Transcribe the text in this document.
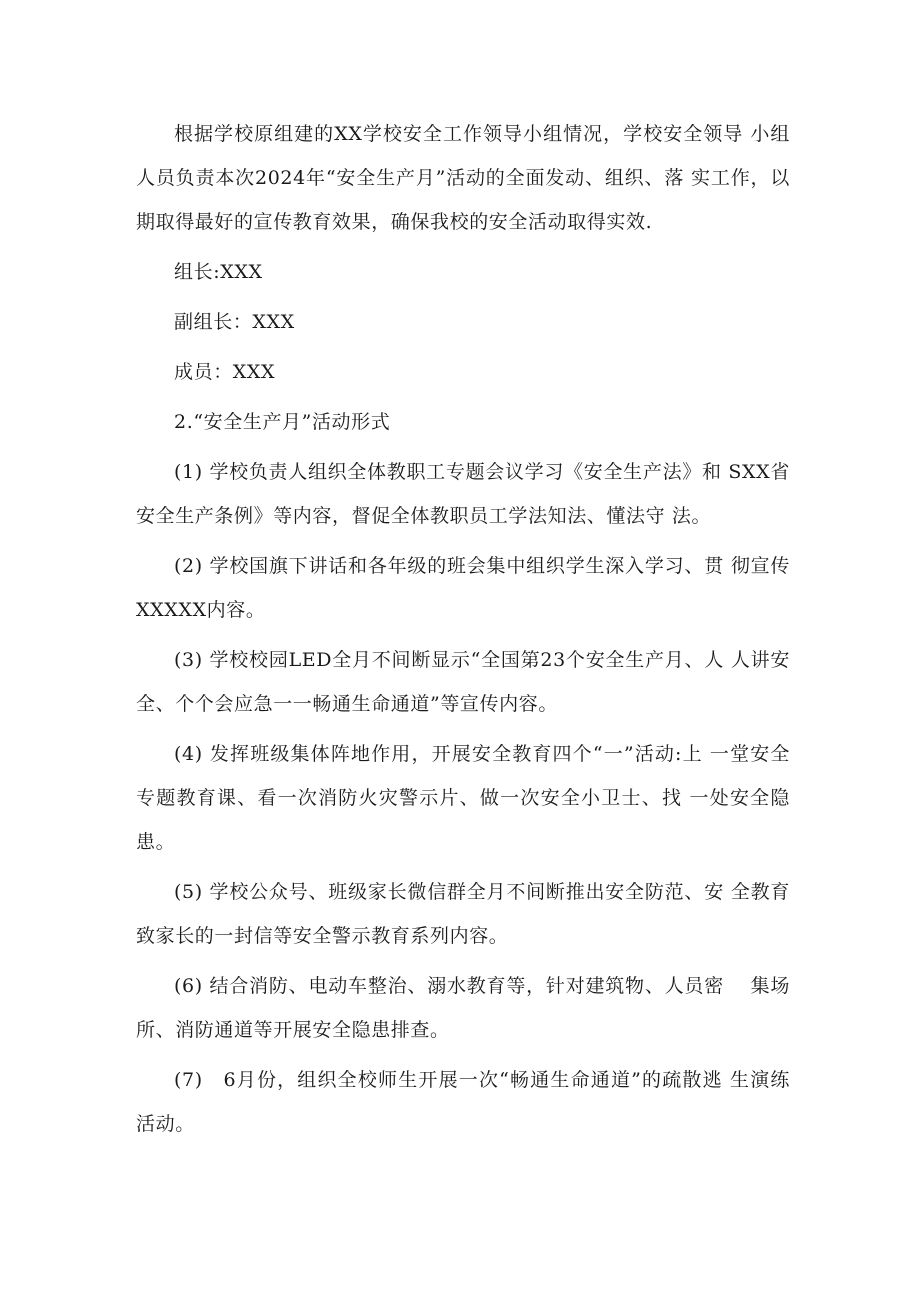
根据学校原组建的XX学校安全工作领导小组情况，学校安全领导 小组人员负责本次2024年“安全生产月”活动的全面发动、组织、落 实工作，以期取得最好的宣传教育效果，确保我校的安全活动取得实效.

组长:XXX

副组长：XXX

成员：XXX

2.“安全生产月”活动形式

(1) 学校负责人组织全体教职工专题会议学习《安全生产法》和 SXX省安全生产条例》等内容，督促全体教职员工学法知法、懂法守 法。

(2) 学校国旗下讲话和各年级的班会集中组织学生深入学习、贯 彻宣传XXXXX内容。

(3) 学校校园LED全月不间断显示“全国第23个安全生产月、人 人讲安全、个个会应急一一畅通生命通道”等宣传内容。

(4) 发挥班级集体阵地作用，开展安全教育四个“一”活动:上 一堂安全专题教育课、看一次消防火灾警示片、做一次安全小卫士、找 一处安全隐患。

(5) 学校公众号、班级家长微信群全月不间断推出安全防范、安 全教育致家长的一封信等安全警示教育系列内容。

(6) 结合消防、电动车整治、溺水教育等，针对建筑物、人员密　 集场所、消防通道等开展安全隐患排查。

(7)　6月份，组织全校师生开展一次“畅通生命通道”的疏散逃 生演练活动。
